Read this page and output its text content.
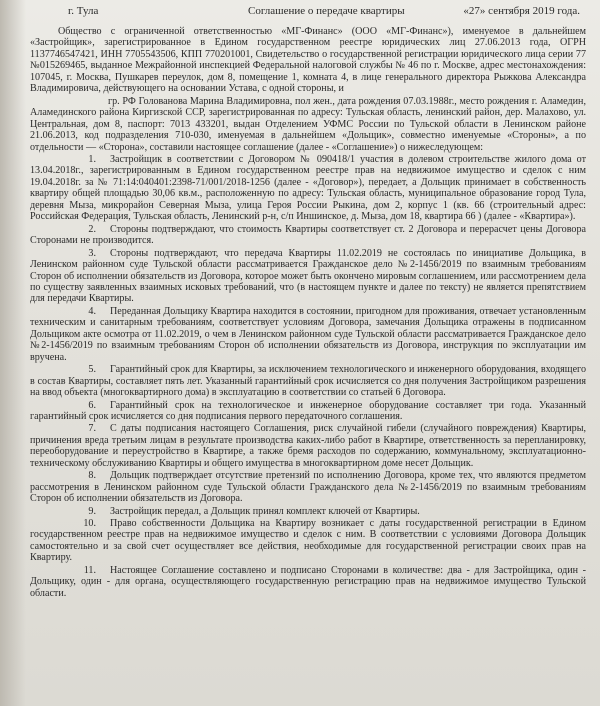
г. Тула	Соглашение о передаче квартиры	«27» сентября 2019 года.

Общество с ограниченной ответственностью «МГ-Финанс» (ООО «МГ-Финанс»), именуемое в дальнейшем «Застройщик», зарегистрированное в Едином государственном реестре юридических лиц 27.06.2013 года, ОГРН 1137746547421, ИНН 7705543506, КПП 770201001, Свидетельство о государственной регистрации юридического лица серии 77 №015269465, выданное Межрайонной инспекцией Федеральной налоговой службы № 46 по г. Москве, адрес местонахождения: 107045, г. Москва, Пушкарев переулок, дом 8, помещение 1, комната 4, в лице генерального директора Рыжкова Александра Владимировича, действующего на основании Устава, с одной стороны, и

гр. РФ Голованова Марина Владимировна, пол жен., дата рождения 07.03.1988г., место рождения г. Аламедин, Аламединского района Киргизской ССР, зарегистрированная по адресу: Тульская область, ленинский район, дер. Малахово, ул. Центральная, дом 8, паспорт: 7013 433201, выдан Отделением УФМС России по Тульской области в Ленинском районе 21.06.2013, код подразделения 710-030, именуемая в дальнейшем «Дольщик», совместно именуемые «Стороны», а по отдельности — «Сторона», составили настоящее соглашение (далее - «Соглашение») о нижеследующем:

1. Застройщик в соответствии с Договором № 090418/1 участия в долевом строительстве жилого дома от 13.04.2018г., зарегистрированным в Едином государственном реестре прав на недвижимое имущество и сделок с ним 19.04.2018г. за № 71:14:040401:2398-71/001/2018-1256 (далее - «Договор»), передает, а Дольщик принимает в собственность квартиру общей площадью 30,06 кв.м., расположенную по адресу: Тульская область, муниципальное образование город Тула, деревня Мыза, микрорайон Северная Мыза, улица Героя России Рыкина, дом 2, корпус 1 (кв. 66 (строительный адрес: Российская Федерация, Тульская область, Ленинский р-н, с/п Иншинское, д. Мыза, дом 18, квартира 66 ) (далее - «Квартира»).

2. Стороны подтверждают, что стоимость Квартиры соответствует ст. 2 Договора и перерасчет цены Договора Сторонами не производится.

3. Стороны подтверждают, что передача Квартиры 11.02.2019 не состоялась по инициативе Дольщика, в Ленинском районном суде Тульской области рассматривается Гражданское дело №2-1456/2019 по взаимным требованиям Сторон об исполнении обязательств из Договора, которое может быть окончено мировым соглашением, или рассмотрением дела по существу заявленных взаимных исковых требований, что (в настоящем пункте и далее по тексту) не является препятствием для передачи Квартиры.

4. Переданная Дольщику Квартира находится в состоянии, пригодном для проживания, отвечает установленным техническим и санитарным требованиям, соответствует условиям Договора, замечания Дольщика отражены в подписанном Дольщиком акте осмотра от 11.02.2019, о чем в Ленинском районном суде Тульской области рассматривается Гражданское дело №2-1456/2019 по взаимным требованиям Сторон об исполнении обязательств из Договора, инструкция по эксплуатации им вручена.

5. Гарантийный срок для Квартиры, за исключением технологического и инженерного оборудования, входящего в состав Квартиры, составляет пять лет. Указанный гарантийный срок исчисляется со дня получения Застройщиком разрешения на ввод объекта (многоквартирного дома) в эксплуатацию в соответствии со статьей 6 Договора.

6. Гарантийный срок на технологическое и инженерное оборудование составляет три года. Указанный гарантийный срок исчисляется со дня подписания первого передаточного соглашения.

7. С даты подписания настоящего Соглашения, риск случайной гибели (случайного повреждения) Квартиры, причинения вреда третьим лицам в результате производства каких-либо работ в Квартире, ответственность за перепланировку, переоборудование и переустройство в Квартире, а также бремя расходов по содержанию, коммунальному, эксплуатационно-техническому обслуживанию Квартиры и общего имущества в многоквартирном доме несет Дольщик.

8. Дольщик подтверждает отсутствие претензий по исполнению Договора, кроме тех, что являются предметом рассмотрения в Ленинском районном суде Тульской области Гражданского дела №2-1456/2019 по взаимным требованиям Сторон об исполнении обязательств из Договора.

9. Застройщик передал, а Дольщик принял комплект ключей от Квартиры.

10. Право собственности Дольщика на Квартиру возникает с даты государственной регистрации в Едином государственном реестре прав на недвижимое имущество и сделок с ним. В соответствии с условиями Договора Дольщик самостоятельно и за свой счет осуществляет все действия, необходимые для государственной регистрации своих прав на Квартиру.

11. Настоящее Соглашение составлено и подписано Сторонами в количестве: два - для Застройщика, один - Дольщику, один - для органа, осуществляющего государственную регистрацию прав на недвижимое имущество Тульской области.
